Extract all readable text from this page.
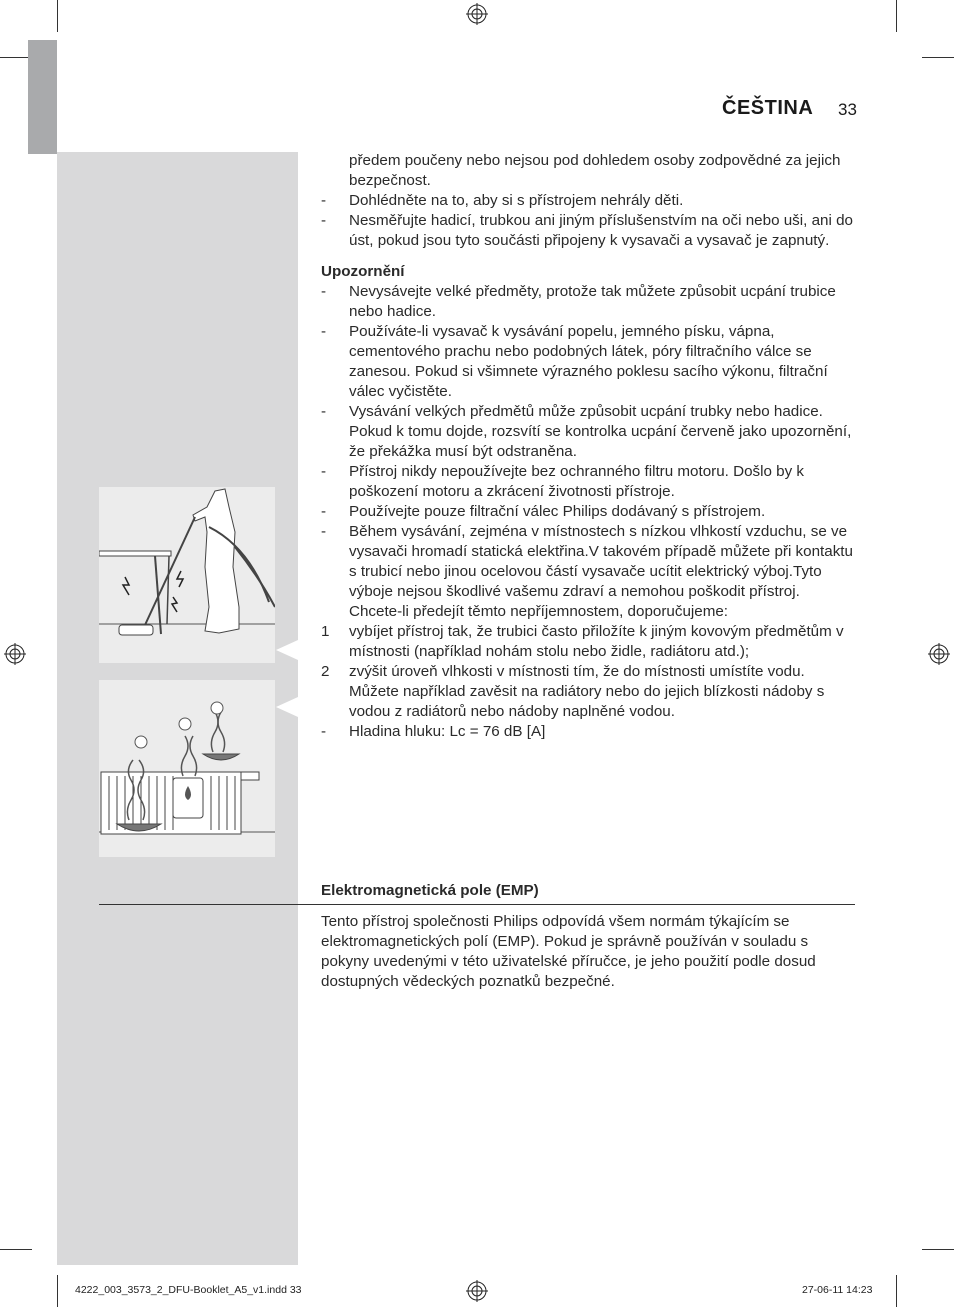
ČEŠTINA 33
předem poučeny nebo nejsou pod dohledem osoby zodpovědné za jejich bezpečnost.
- Dohlédněte na to, aby si s přístrojem nehrály děti.
- Nesměřujte hadicí, trubkou ani jiným příslušenstvím na oči nebo uši, ani do úst, pokud jsou tyto součásti připojeny k vysavači a vysavač je zapnutý.
Upozornění
- Nevysávejte velké předměty, protože tak můžete způsobit ucpání trubice nebo hadice.
- Používáte-li vysavač k vysávání popelu, jemného písku, vápna, cementového prachu nebo podobných látek, póry filtračního válce se zanesou. Pokud si všimnete výrazného poklesu sacího výkonu, filtrační válec vyčistěte.
- Vysávání velkých předmětů může způsobit ucpání trubky nebo hadice. Pokud k tomu dojde, rozsvítí se kontrolka ucpání červeně jako upozornění, že překážka musí být odstraněna.
- Přístroj nikdy nepoužívejte bez ochranného filtru motoru. Došlo by k poškození motoru a zkrácení životnosti přístroje.
- Používejte pouze filtrační válec Philips dodávaný s přístrojem.
- Během vysávání, zejména v místnostech s nízkou vlhkostí vzduchu, se ve vysavači hromadí statická elektřina.V takovém případě můžete při kontaktu s trubicí nebo jinou ocelovou částí vysavače ucítit elektrický výboj.Tyto výboje nejsou škodlivé vašemu zdraví a nemohou poškodit přístroj. Chcete-li předejít těmto nepříjemnostem, doporučujeme:
1 vybíjet přístroj tak, že trubici často přiložíte k jiným kovovým předmětům v místnosti (například nohám stolu nebo židle, radiátoru atd.);
2 zvýšit úroveň vlhkosti v místnosti tím, že do místnosti umístíte vodu. Můžete například zavěsit na radiátory nebo do jejich blízkosti nádoby s vodou z radiátorů nebo nádoby naplněné vodou.
- Hladina hluku: Lc = 76 dB [A]
Elektromagnetická pole (EMP)
Tento přístroj společnosti Philips odpovídá všem normám týkajícím se elektromagnetických polí (EMP). Pokud je správně používán v souladu s pokyny uvedenými v této uživatelské příručce, je jeho použití podle dosud dostupných vědeckých poznatků bezpečné.
4222_003_3573_2_DFU-Booklet_A5_v1.indd 33	27-06-11 14:23
